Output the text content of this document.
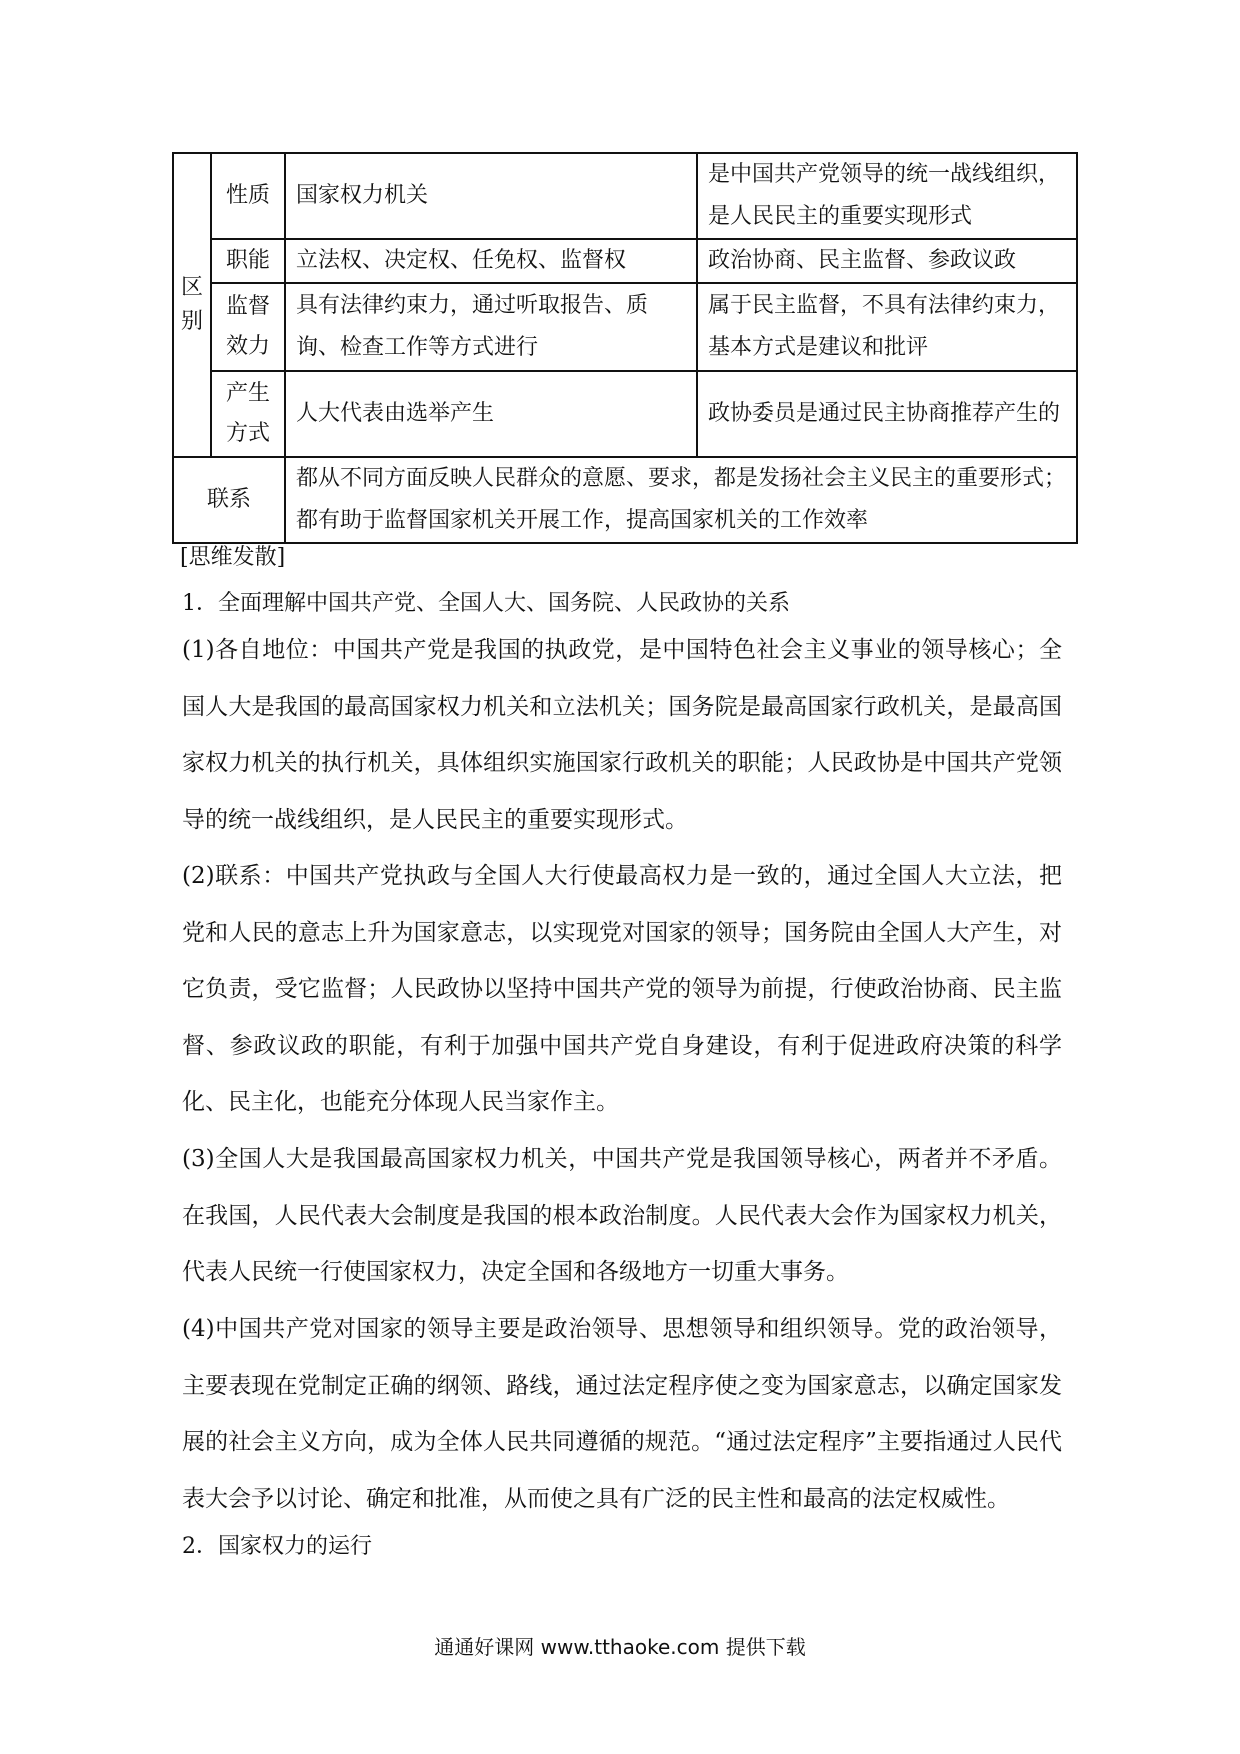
区别	性质	国家权力机关	是中国共产党领导的统一战线组织，是人民民主的重要实现形式
	职能	立法权、决定权、任免权、监督权	政治协商、民主监督、参政议政
	监督效力	具有法律约束力，通过听取报告、质询、检查工作等方式进行	属于民主监督，不具有法律约束力，基本方式是建议和批评
	产生方式	人大代表由选举产生	政协委员是通过民主协商推荐产生的
联系		都从不同方面反映人民群众的意愿、要求，都是发扬社会主义民主的重要形式；都有助于监督国家机关开展工作，提高国家机关的工作效率	
[思维发散]
1．全面理解中国共产党、全国人大、国务院、人民政协的关系
(1)各自地位：中国共产党是我国的执政党，是中国特色社会主义事业的领导核心；全国人大是我国的最高国家权力机关和立法机关；国务院是最高国家行政机关，是最高国家权力机关的执行机关，具体组织实施国家行政机关的职能；人民政协是中国共产党领导的统一战线组织，是人民民主的重要实现形式。
(2)联系：中国共产党执政与全国人大行使最高权力是一致的，通过全国人大立法，把党和人民的意志上升为国家意志，以实现党对国家的领导；国务院由全国人大产生，对它负责，受它监督；人民政协以坚持中国共产党的领导为前提，行使政治协商、民主监督、参政议政的职能，有利于加强中国共产党自身建设，有利于促进政府决策的科学化、民主化，也能充分体现人民当家作主。
(3)全国人大是我国最高国家权力机关，中国共产党是我国领导核心，两者并不矛盾。在我国，人民代表大会制度是我国的根本政治制度。人民代表大会作为国家权力机关，代表人民统一行使国家权力，决定全国和各级地方一切重大事务。
(4)中国共产党对国家的领导主要是政治领导、思想领导和组织领导。党的政治领导，主要表现在党制定正确的纲领、路线，通过法定程序使之变为国家意志，以确定国家发展的社会主义方向，成为全体人民共同遵循的规范。“通过法定程序”主要指通过人民代表大会予以讨论、确定和批准，从而使之具有广泛的民主性和最高的法定权威性。
2．国家权力的运行
通通好课网 www.tthaoke.com 提供下载
